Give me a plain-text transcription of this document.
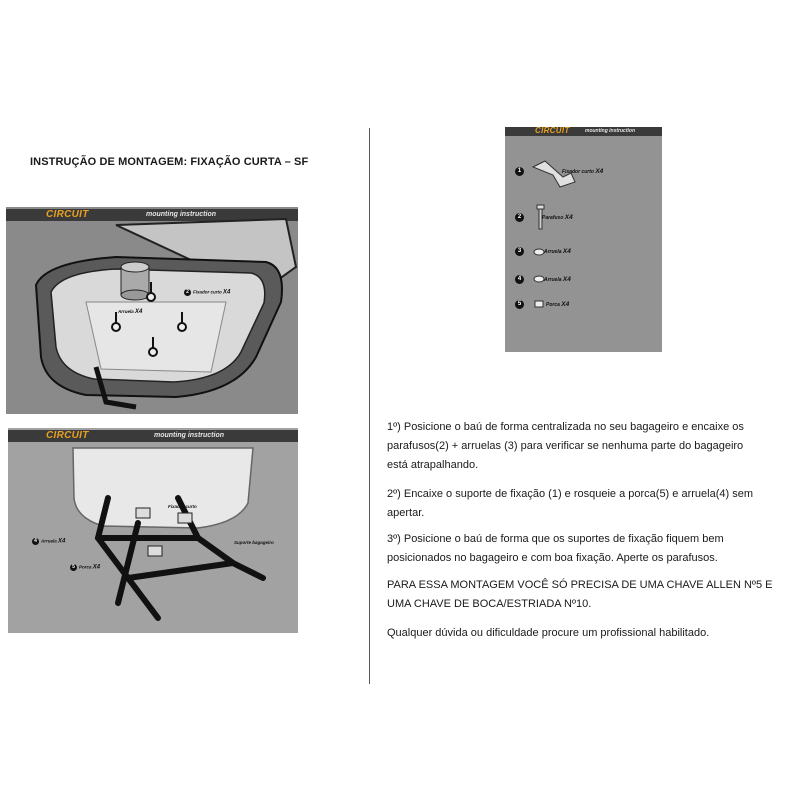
INSTRUÇÃO DE MONTAGEM: FIXAÇÃO CURTA – SF
CIRCUIT	mounting instruction
2 Fixador curto X4
Arruela X4
CIRCUIT	mounting instruction
Fixador curto
4 Arruela X4
5 Porca X4
Suporte bagageiro
CIRCUIT	mounting instruction
1	Fixador curto X4
2	Parafuso X4
3	Arruela X4
4	Arruela X4
5	Porca X4
1º) Posicione o baú de forma centralizada no seu bagageiro e encaixe os
parafusos(2) + arruelas (3) para verificar se nenhuma parte do bagageiro
está atrapalhando.
2º) Encaixe o suporte de fixação (1) e rosqueie a porca(5) e arruela(4) sem
apertar.
3º) Posicione o baú de forma que os suportes de fixação fiquem bem
posicionados no bagageiro e com boa fixação. Aperte os parafusos.
PARA ESSA MONTAGEM VOCÊ SÓ PRECISA DE UMA CHAVE ALLEN Nº5 E
UMA CHAVE DE BOCA/ESTRIADA Nº10.
Qualquer dúvida ou dificuldade procure um profissional habilitado.
